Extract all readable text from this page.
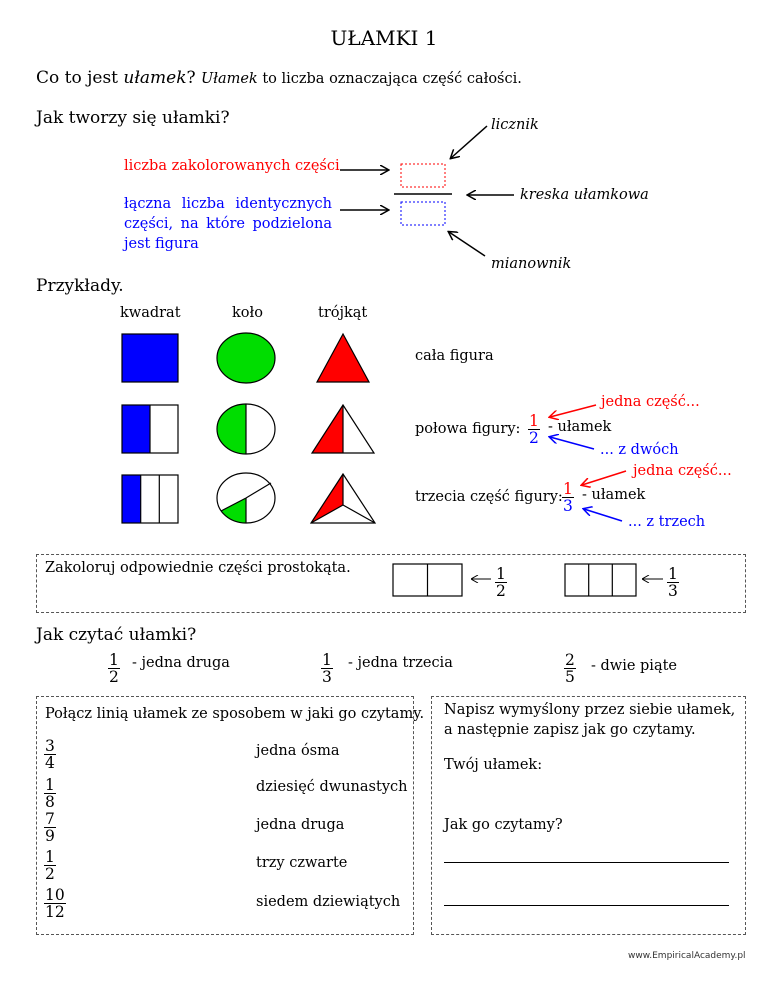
UŁAMKI 1
Co to jest ułamek? Ułamek to liczba oznaczająca część całości.
Jak tworzy się ułamki?	licznik
liczba zakolorowanych części
łączna liczba identycznych części, na które podzielona jest figura
kreska ułamkowa
mianownik
Przykłady.
kwadrat	koło	trójkąt
cała figura
jedna część...
połowa figury: $\frac{1}{2}$ - ułamek
... z dwóch
jedna część...
trzecia część figury: $\frac{1}{3}$ - ułamek
... z trzech
Zakoloruj odpowiednie części prostokąta.	$\frac{1}{2}$	$\frac{1}{3}$
Jak czytać ułamki?
$\frac{1}{2}$ - jedna druga	$\frac{1}{3}$ - jedna trzecia	$\frac{2}{5}$ - dwie piąte
Połącz linią ułamek ze sposobem w jaki go czytamy.
$\frac{3}{4}$
$\frac{1}{8}$
$\frac{7}{9}$
$\frac{1}{2}$
$\frac{10}{12}$
jedna ósma
dziesięć dwunastych
jedna druga
trzy czwarte
siedem dziewiątych
Napisz wymyślony przez siebie ułamek,
a następnie zapisz jak go czytamy.
Twój ułamek:
Jak go czytamy?
www.EmpiricalAcademy.pl
